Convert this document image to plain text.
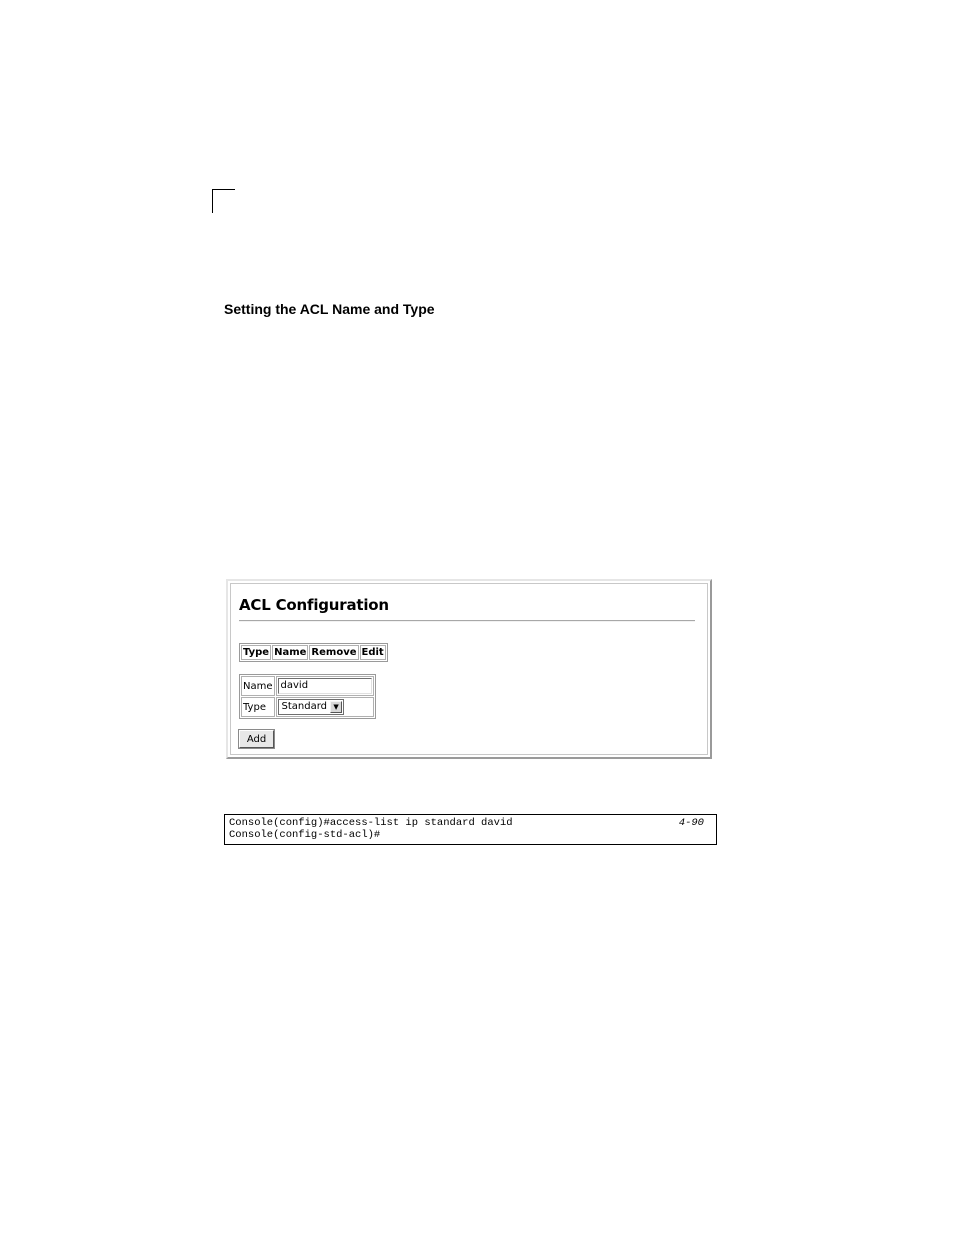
Setting the ACL Name and Type
ACL Configuration
Type	Name	Remove	Edit
Name	david

Type	Standard ▼
Add
Console(config)#access-list ip standard david
Console(config-std-acl)#
4-90
